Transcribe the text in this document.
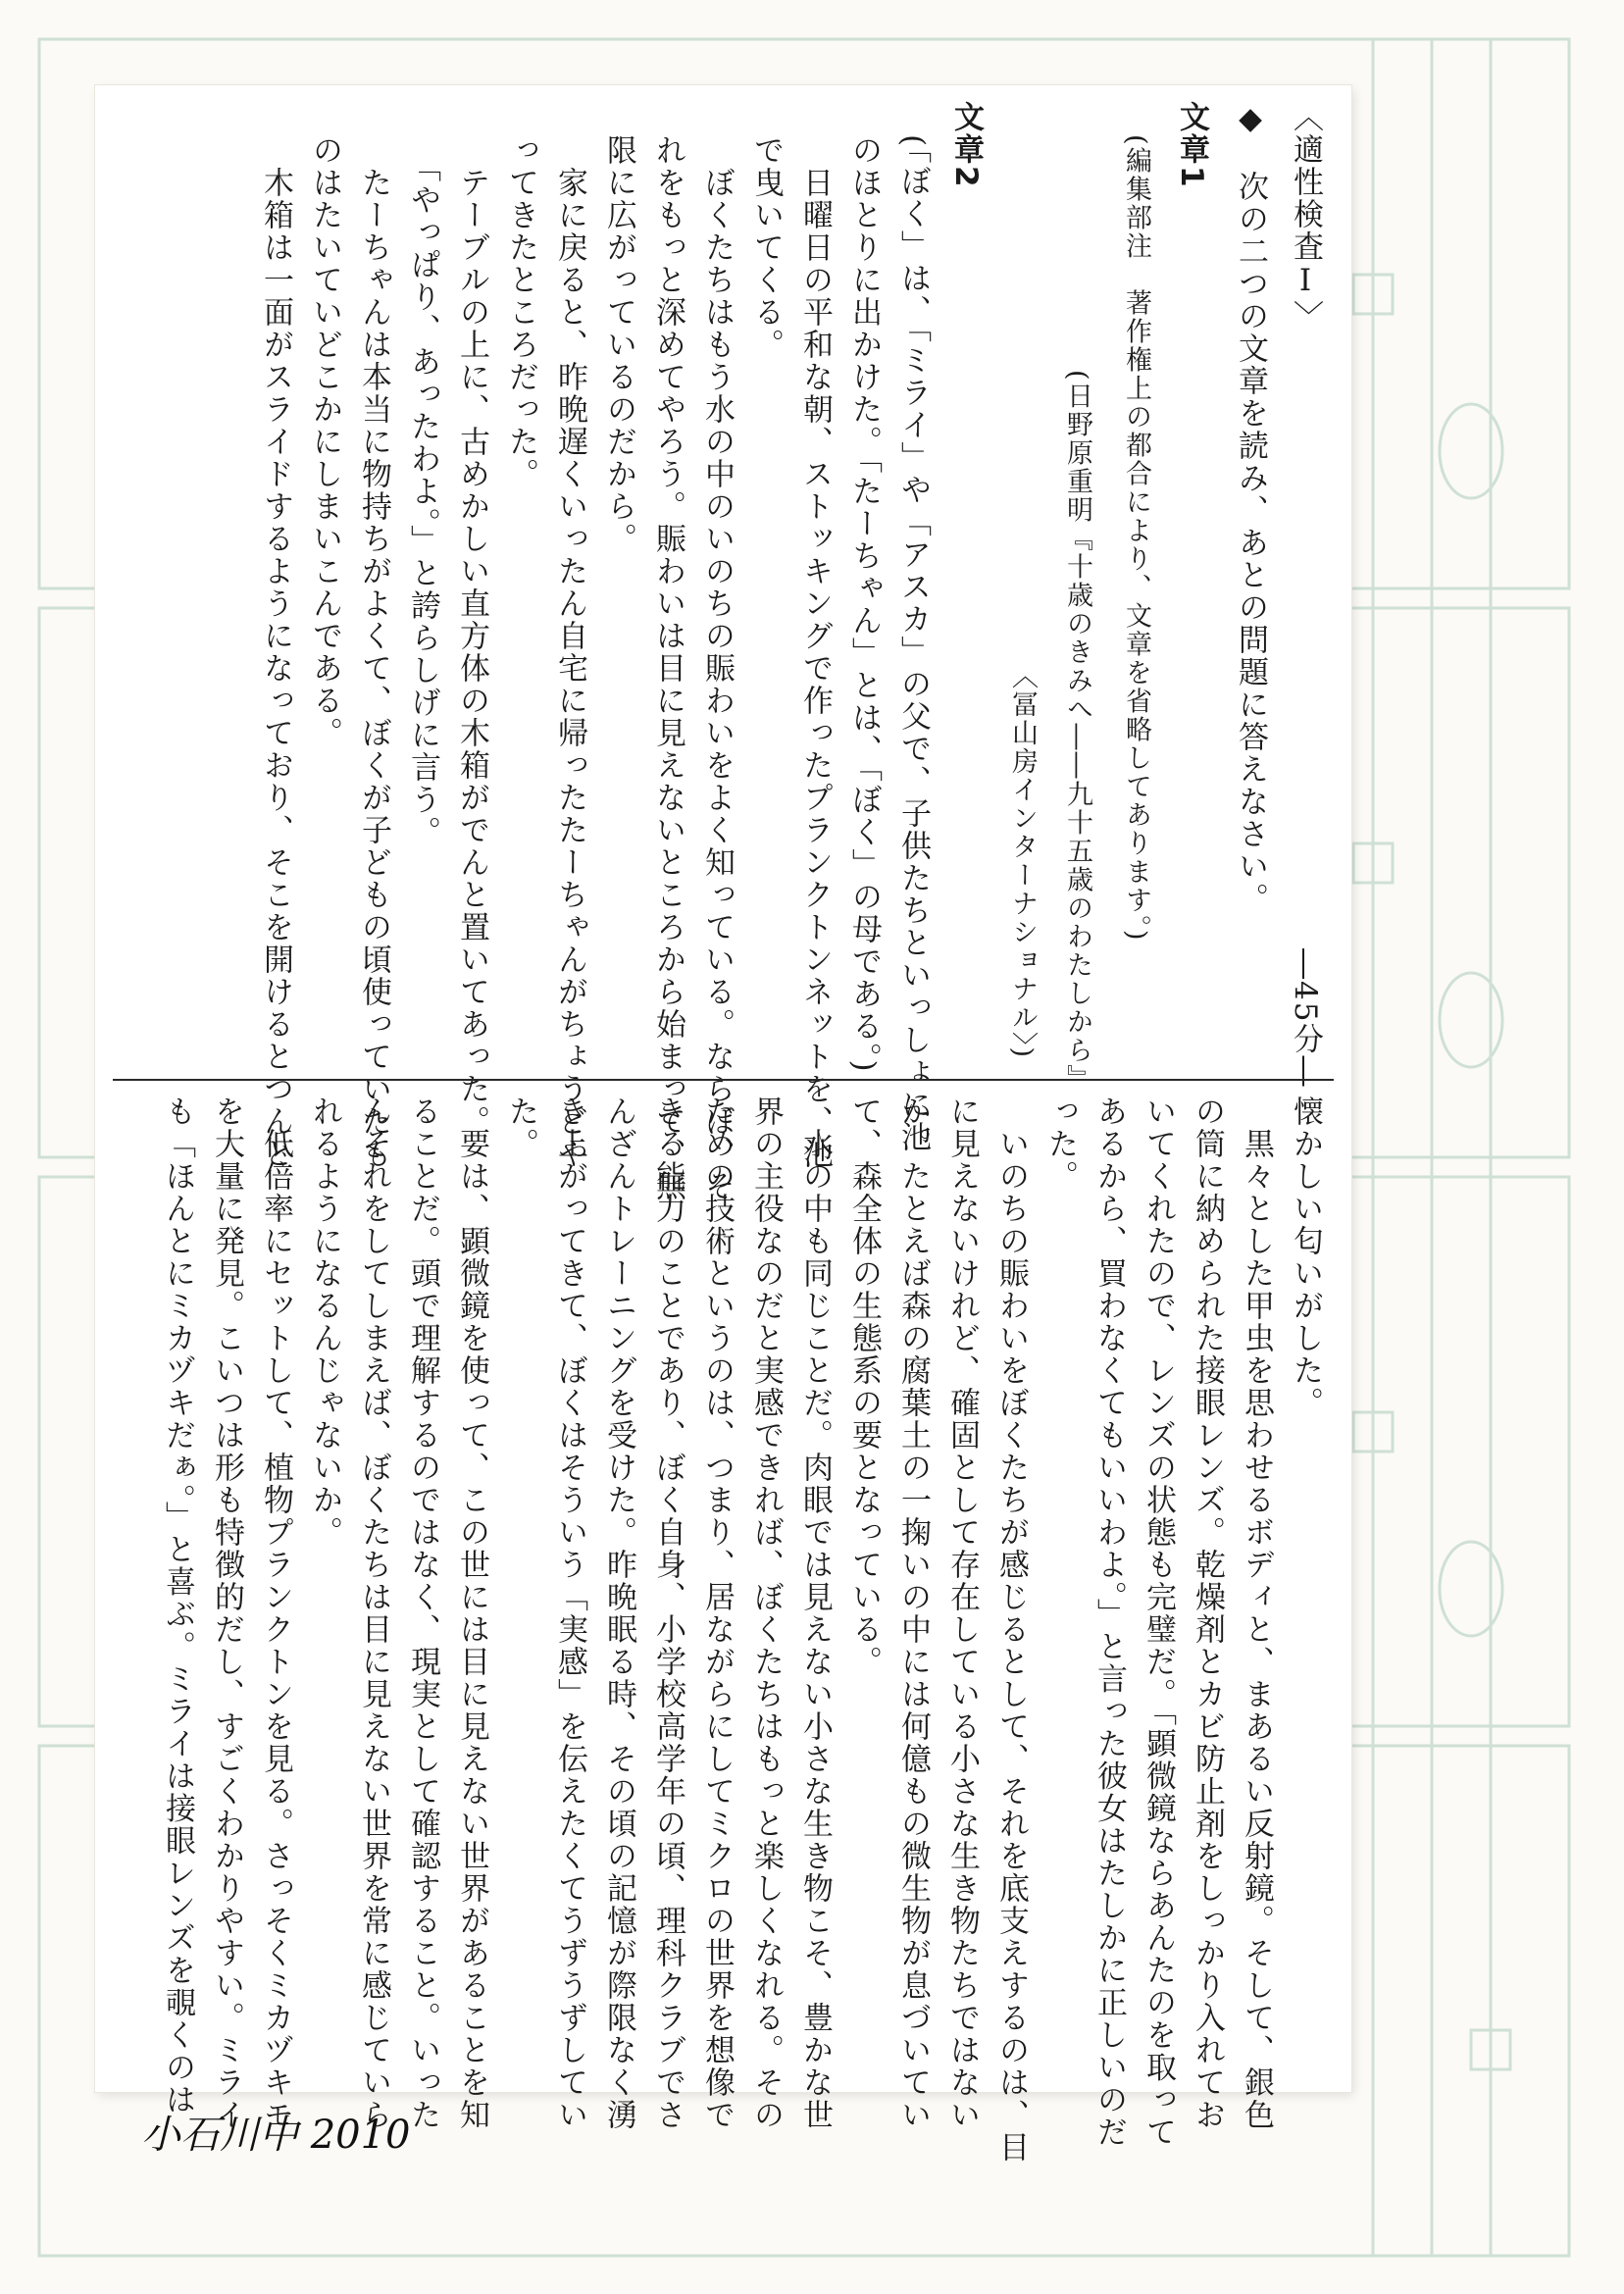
〈適性検査Ⅰ〉
―45分―
◆　次の二つの文章を読み、あとの問題に答えなさい。
文章1
(編集部注　著作権上の都合により、文章を省略してあります。)
(日野原重明『十歳のきみへ――九十五歳のわたしから』
〈冨山房インターナショナル〉)
文章2
(「ぼく」は、「ミライ」や「アスカ」の父で、子供たちといっしょに池
のほとりに出かけた。「たーちゃん」とは、「ぼく」の母である。)
　日曜日の平和な朝、ストッキングで作ったプランクトンネットを、池
で曳いてくる。
　ぼくたちはもう水の中のいのちの賑わいをよく知っている。ならば、そ
れをもっと深めてやろう。賑わいは目に見えないところから始まって、無
限に広がっているのだから。
　家に戻ると、昨晩遅くいったん自宅に帰ったたーちゃんがちょうどや
ってきたところだった。
　テーブルの上に、古めかしい直方体の木箱がでんと置いてあった。
　「やっぱり、あったわよ。」と誇らしげに言う。
　たーちゃんは本当に物持ちがよくて、ぼくが子どもの頃使っていたも
のはたいていどこかにしまいこんである。
　木箱は一面がスライドするようになっており、そこを開けるとつんと
懐かしい匂いがした。
　黒々とした甲虫を思わせるボディと、まあるい反射鏡。そして、銀色
の筒に納められた接眼レンズ。乾燥剤とカビ防止剤をしっかり入れてお
いてくれたので、レンズの状態も完璧だ。「顕微鏡ならあんたのを取って
あるから、買わなくてもいいわよ。」と言った彼女はたしかに正しいのだ
った。
　いのちの賑わいをぼくたちが感じるとして、それを底支えするのは、目
に見えないけれど、確固として存在している小さな生き物たちではない
か。たとえば森の腐葉土の一掬いの中には何億もの微生物が息づいてい
て、森全体の生態系の要となっている。
　水の中も同じことだ。肉眼では見えない小さな生き物こそ、豊かな世
界の主役なのだと実感できれば、ぼくたちはもっと楽しくなれる。その
ための技術というのは、つまり、居ながらにしてミクロの世界を想像で
きる能力のことであり、ぼく自身、小学校高学年の頃、理科クラブでさ
んざんトレーニングを受けた。昨晩眠る時、その頃の記憶が際限なく湧
き上がってきて、ぼくはそういう「実感」を伝えたくてうずうずしてい
た。
　要は、顕微鏡を使って、この世には目に見えない世界があることを知
ることだ。頭で理解するのではなく、現実として確認すること。いった
んそれをしてしまえば、ぼくたちは目に見えない世界を常に感じていら
れるようになるんじゃないか。
　低倍率にセットして、植物プランクトンを見る。さっそくミカヅキモ
を大量に発見。こいつは形も特徴的だし、すごくわかりやすい。ミライ
も「ほんとにミカヅキだぁ。」と喜ぶ。ミライは接眼レンズを覗くのは
小石川中 2010
